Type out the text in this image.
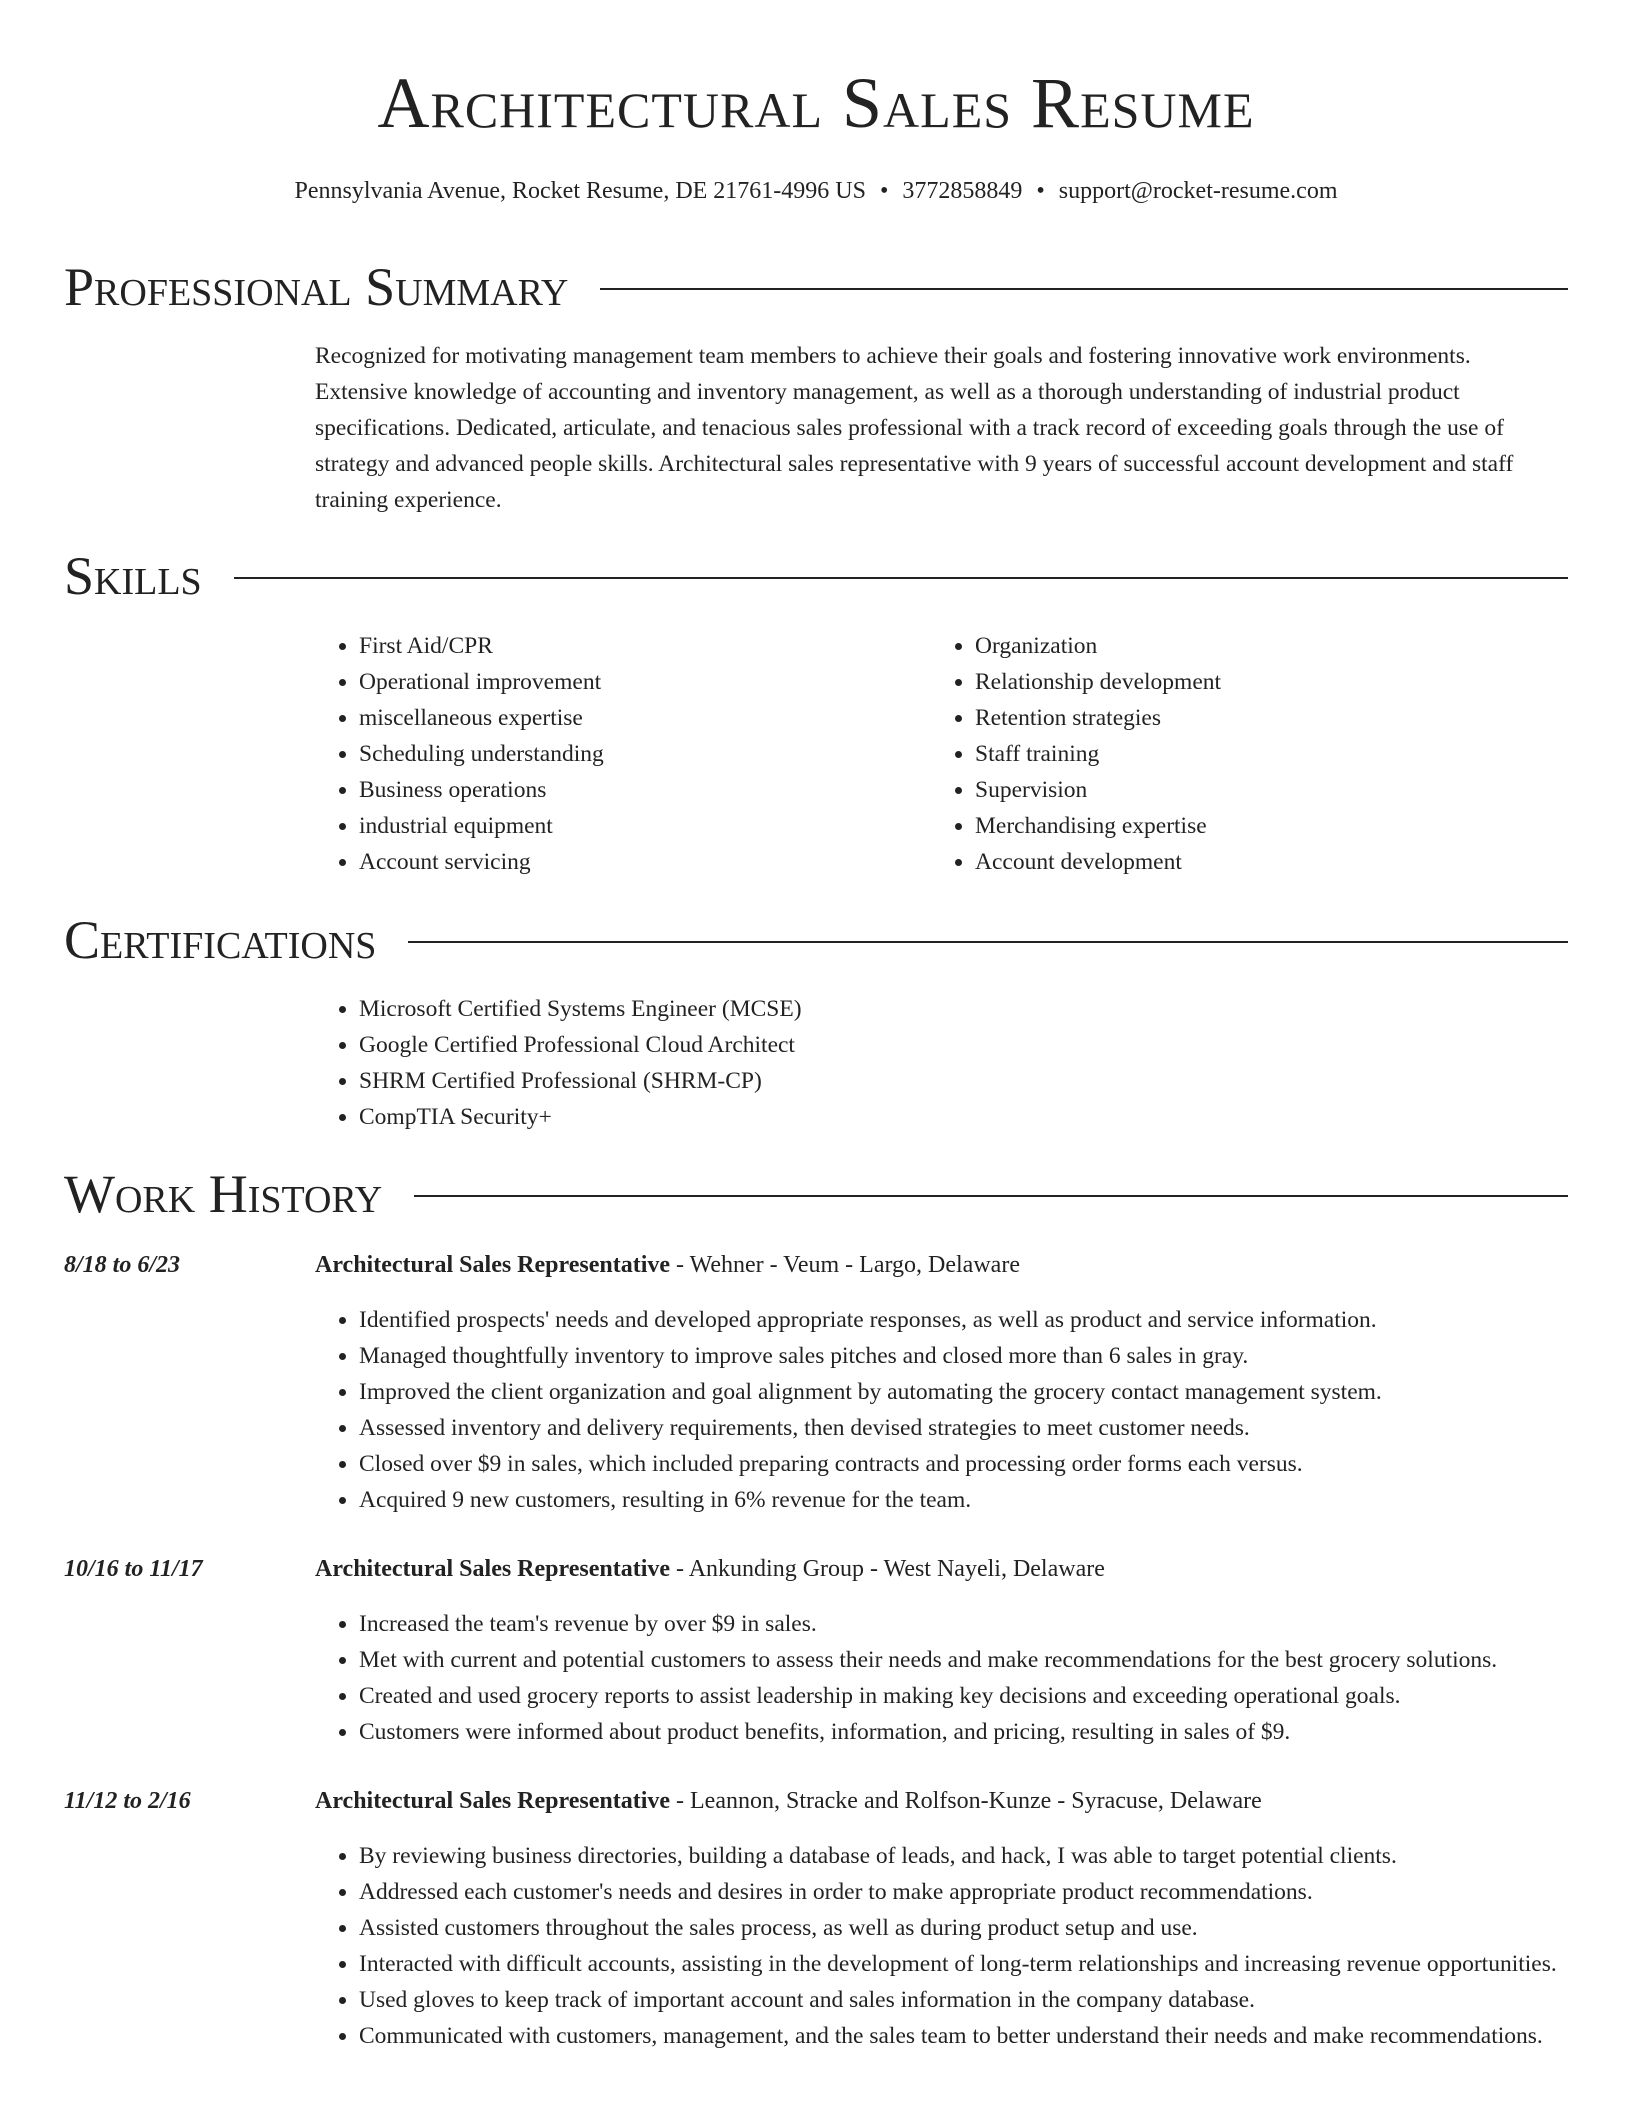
Architectural Sales Resume
Pennsylvania Avenue, Rocket Resume, DE 21761-4996 US • 3772858849 • support@rocket-resume.com
Professional Summary

Recognized for motivating management team members to achieve their goals and fostering innovative work environments. Extensive knowledge of accounting and inventory management, as well as a thorough understanding of industrial product specifications. Dedicated, articulate, and tenacious sales professional with a track record of exceeding goals through the use of strategy and advanced people skills. Architectural sales representative with 9 years of successful account development and staff training experience.

Skills
• First Aid/CPR
• Operational improvement
• miscellaneous expertise
• Scheduling understanding
• Business operations
• industrial equipment
• Account servicing
• Organization
• Relationship development
• Retention strategies
• Staff training
• Supervision
• Merchandising expertise
• Account development
Certifications
• Microsoft Certified Systems Engineer (MCSE)
• Google Certified Professional Cloud Architect
• SHRM Certified Professional (SHRM-CP)
• CompTIA Security+
Work History
8/18 to 6/23	Architectural Sales Representative - Wehner - Veum - Largo, Delaware
• Identified prospects' needs and developed appropriate responses, as well as product and service information.
• Managed thoughtfully inventory to improve sales pitches and closed more than 6 sales in gray.
• Improved the client organization and goal alignment by automating the grocery contact management system.
• Assessed inventory and delivery requirements, then devised strategies to meet customer needs.
• Closed over $9 in sales, which included preparing contracts and processing order forms each versus.
• Acquired 9 new customers, resulting in 6% revenue for the team.
10/16 to 11/17	Architectural Sales Representative - Ankunding Group - West Nayeli, Delaware
• Increased the team's revenue by over $9 in sales.
• Met with current and potential customers to assess their needs and make recommendations for the best grocery solutions.
• Created and used grocery reports to assist leadership in making key decisions and exceeding operational goals.
• Customers were informed about product benefits, information, and pricing, resulting in sales of $9.
11/12 to 2/16	Architectural Sales Representative - Leannon, Stracke and Rolfson-Kunze - Syracuse, Delaware
• By reviewing business directories, building a database of leads, and hack, I was able to target potential clients.
• Addressed each customer's needs and desires in order to make appropriate product recommendations.
• Assisted customers throughout the sales process, as well as during product setup and use.
• Interacted with difficult accounts, assisting in the development of long-term relationships and increasing revenue opportunities.
• Used gloves to keep track of important account and sales information in the company database.
• Communicated with customers, management, and the sales team to better understand their needs and make recommendations.
